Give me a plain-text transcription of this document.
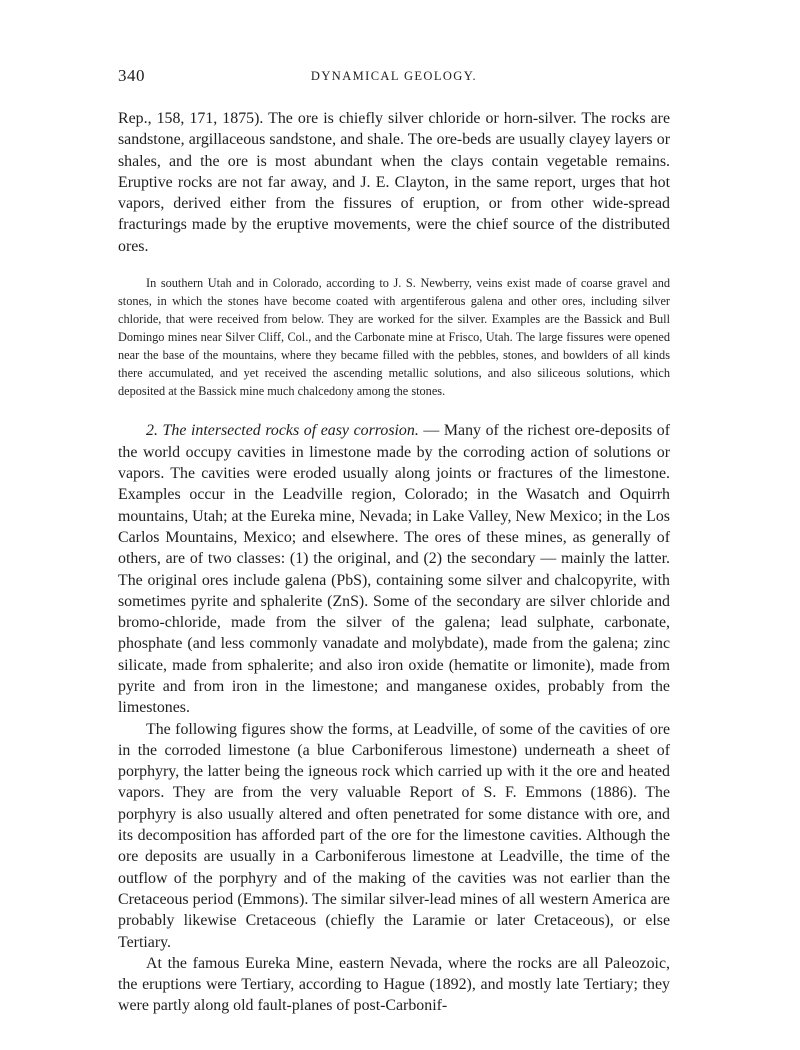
340	DYNAMICAL GEOLOGY.

Rep., 158, 171, 1875). The ore is chiefly silver chloride or horn-silver. The rocks are sandstone, argillaceous sandstone, and shale. The ore-beds are usually clayey layers or shales, and the ore is most abundant when the clays contain vegetable remains. Eruptive rocks are not far away, and J. E. Clayton, in the same report, urges that hot vapors, derived either from the fissures of eruption, or from other wide-spread fracturings made by the eruptive movements, were the chief source of the distributed ores.

In southern Utah and in Colorado, according to J. S. Newberry, veins exist made of coarse gravel and stones, in which the stones have become coated with argentiferous galena and other ores, including silver chloride, that were received from below. They are worked for the silver. Examples are the Bassick and Bull Domingo mines near Silver Cliff, Col., and the Carbonate mine at Frisco, Utah. The large fissures were opened near the base of the mountains, where they became filled with the pebbles, stones, and bowlders of all kinds there accumulated, and yet received the ascending metallic solutions, and also siliceous solutions, which deposited at the Bassick mine much chalcedony among the stones.

2. The intersected rocks of easy corrosion. — Many of the richest ore-deposits of the world occupy cavities in limestone made by the corroding action of solutions or vapors. The cavities were eroded usually along joints or fractures of the limestone. Examples occur in the Leadville region, Colorado; in the Wasatch and Oquirrh mountains, Utah; at the Eureka mine, Nevada; in Lake Valley, New Mexico; in the Los Carlos Mountains, Mexico; and elsewhere. The ores of these mines, as generally of others, are of two classes: (1) the original, and (2) the secondary — mainly the latter. The original ores include galena (PbS), containing some silver and chalcopyrite, with sometimes pyrite and sphalerite (ZnS). Some of the secondary are silver chloride and bromo-chloride, made from the silver of the galena; lead sulphate, carbonate, phosphate (and less commonly vanadate and molybdate), made from the galena; zinc silicate, made from sphalerite; and also iron oxide (hematite or limonite), made from pyrite and from iron in the limestone; and manganese oxides, probably from the limestones.

The following figures show the forms, at Leadville, of some of the cavities of ore in the corroded limestone (a blue Carboniferous limestone) underneath a sheet of porphyry, the latter being the igneous rock which carried up with it the ore and heated vapors. They are from the very valuable Report of S. F. Emmons (1886). The porphyry is also usually altered and often penetrated for some distance with ore, and its decomposition has afforded part of the ore for the limestone cavities. Although the ore deposits are usually in a Carboniferous limestone at Leadville, the time of the outflow of the porphyry and of the making of the cavities was not earlier than the Cretaceous period (Emmons). The similar silver-lead mines of all western America are probably likewise Cretaceous (chiefly the Laramie or later Cretaceous), or else Tertiary.

At the famous Eureka Mine, eastern Nevada, where the rocks are all Paleozoic, the eruptions were Tertiary, according to Hague (1892), and mostly late Tertiary; they were partly along old fault-planes of post-Carbonif-
